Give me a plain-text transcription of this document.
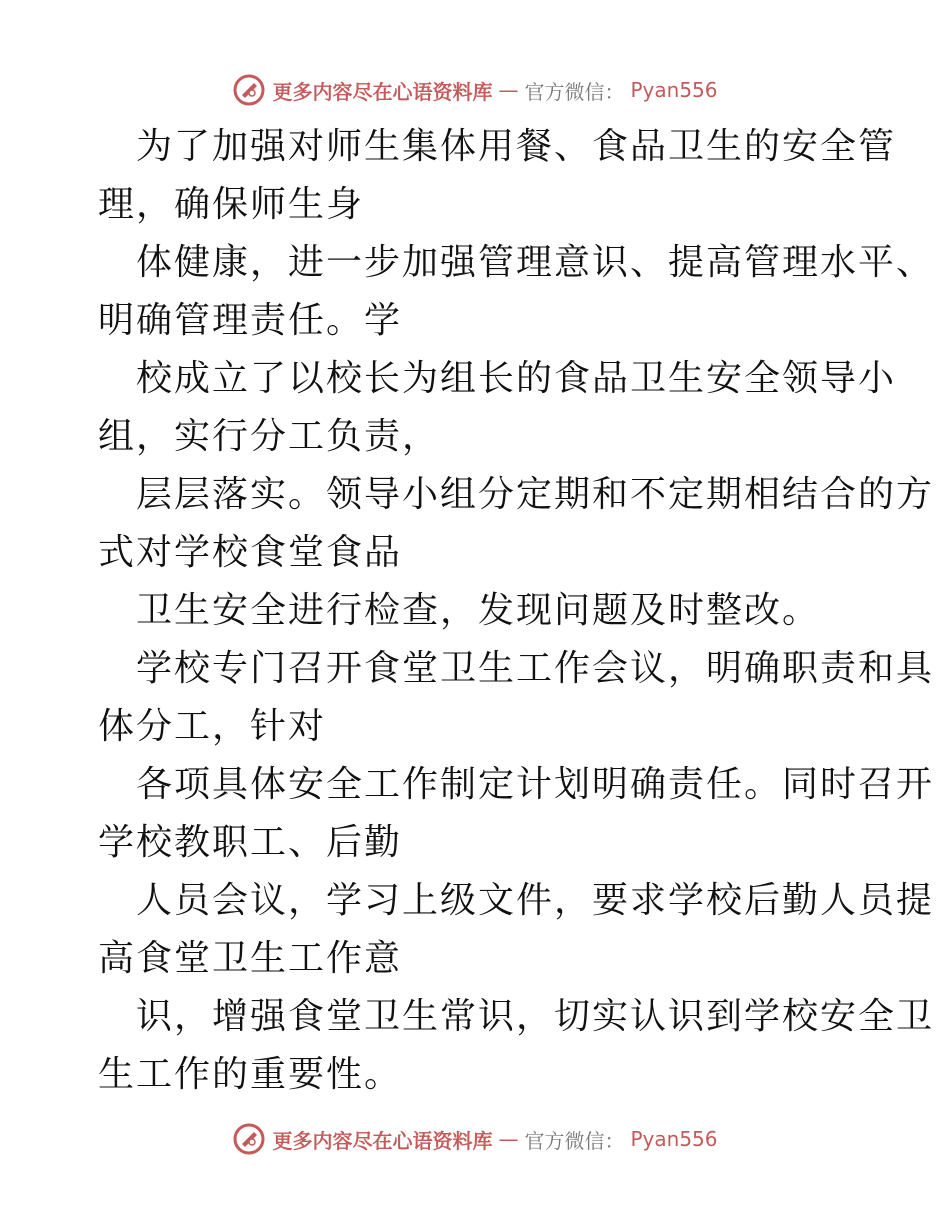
更多内容尽在心语资料库 — 官方微信： Pyan556
为了加强对师生集体用餐、食品卫生的安全管
理，确保师生身
体健康，进一步加强管理意识、提高管理水平、
明确管理责任。学
校成立了以校长为组长的食品卫生安全领导小
组，实行分工负责，
层层落实。领导小组分定期和不定期相结合的方
式对学校食堂食品
卫生安全进行检查，发现问题及时整改。
学校专门召开食堂卫生工作会议，明确职责和具
体分工，针对
各项具体安全工作制定计划明确责任。同时召开
学校教职工、后勤
人员会议，学习上级文件，要求学校后勤人员提
高食堂卫生工作意
识，增强食堂卫生常识，切实认识到学校安全卫
生工作的重要性。
更多内容尽在心语资料库 — 官方微信： Pyan556
